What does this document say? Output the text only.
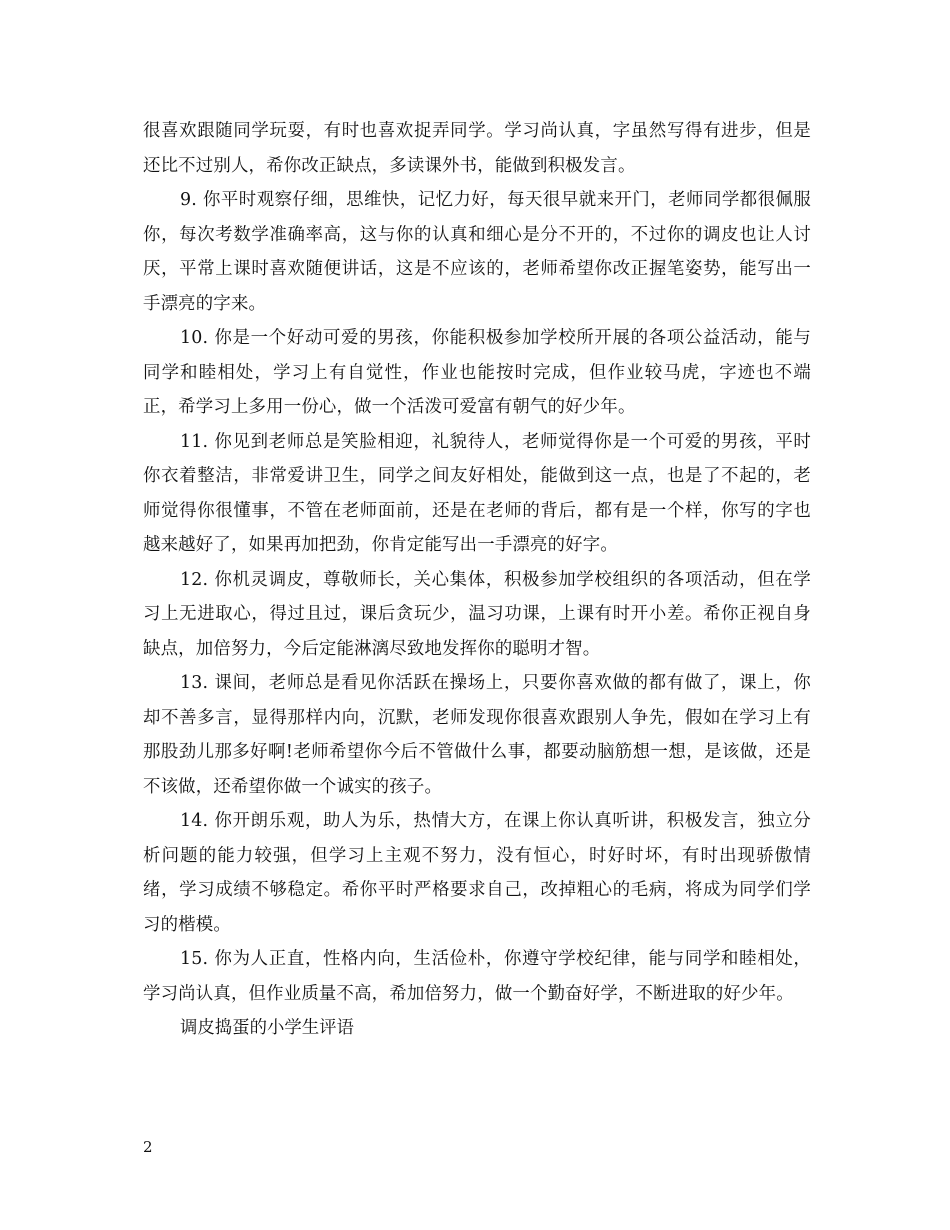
很喜欢跟随同学玩耍，有时也喜欢捉弄同学。学习尚认真，字虽然写得有进步，但是还比不过别人，希你改正缺点，多读课外书，能做到积极发言。

9. 你平时观察仔细，思维快，记忆力好，每天很早就来开门，老师同学都很佩服你，每次考数学准确率高，这与你的认真和细心是分不开的，不过你的调皮也让人讨厌，平常上课时喜欢随便讲话，这是不应该的，老师希望你改正握笔姿势，能写出一手漂亮的字来。

10. 你是一个好动可爱的男孩，你能积极参加学校所开展的各项公益活动，能与同学和睦相处，学习上有自觉性，作业也能按时完成，但作业较马虎，字迹也不端正，希学习上多用一份心，做一个活泼可爱富有朝气的好少年。

11. 你见到老师总是笑脸相迎，礼貌待人，老师觉得你是一个可爱的男孩，平时你衣着整洁，非常爱讲卫生，同学之间友好相处，能做到这一点，也是了不起的，老师觉得你很懂事，不管在老师面前，还是在老师的背后，都有是一个样，你写的字也越来越好了，如果再加把劲，你肯定能写出一手漂亮的好字。

12. 你机灵调皮，尊敬师长，关心集体，积极参加学校组织的各项活动，但在学习上无进取心，得过且过，课后贪玩少，温习功课，上课有时开小差。希你正视自身缺点，加倍努力，今后定能淋漓尽致地发挥你的聪明才智。

13. 课间，老师总是看见你活跃在操场上，只要你喜欢做的都有做了，课上，你却不善多言，显得那样内向，沉默，老师发现你很喜欢跟别人争先，假如在学习上有那股劲儿那多好啊!老师希望你今后不管做什么事，都要动脑筋想一想，是该做，还是不该做，还希望你做一个诚实的孩子。

14. 你开朗乐观，助人为乐，热情大方，在课上你认真听讲，积极发言，独立分析问题的能力较强，但学习上主观不努力，没有恒心，时好时坏，有时出现骄傲情绪，学习成绩不够稳定。希你平时严格要求自己，改掉粗心的毛病，将成为同学们学习的楷模。

15. 你为人正直，性格内向，生活俭朴，你遵守学校纪律，能与同学和睦相处，学习尚认真，但作业质量不高，希加倍努力，做一个勤奋好学，不断进取的好少年。

调皮捣蛋的小学生评语

2
